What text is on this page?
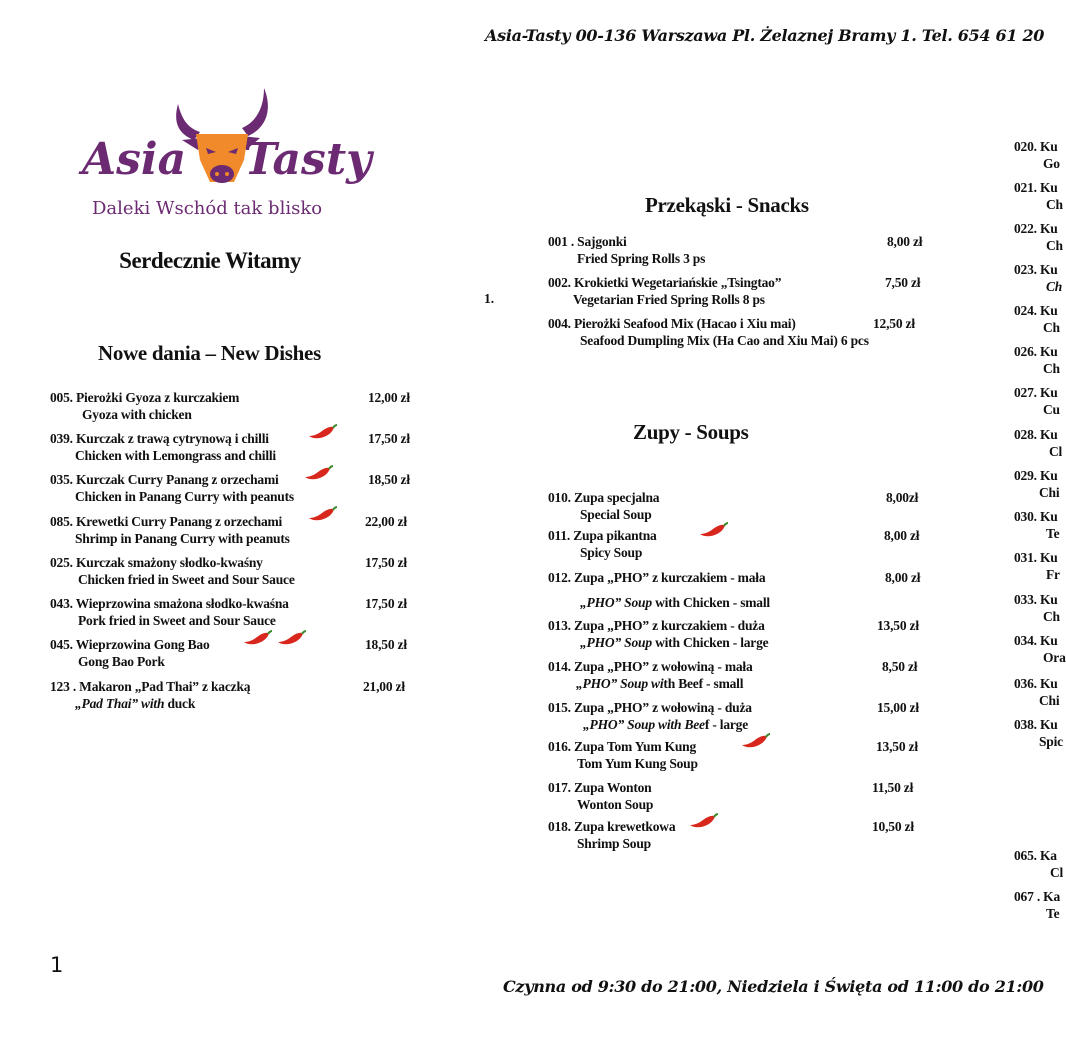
Asia-Tasty 00-136 Warszawa Pl. Żelaznej Bramy 1. Tel. 654 61 20
Czynna od 9:30 do 21:00, Niedziela i Święta od 11:00 do 21:00
1
Asia Tasty
Daleki Wschód tak blisko
Serdecznie Witamy
Nowe dania – New Dishes
005. Pierożki Gyoza z kurczakiem
Gyoza with chicken
12,00 zł
039. Kurczak z trawą cytrynową i chilli
Chicken with Lemongrass and chilli
17,50 zł
035. Kurczak Curry Panang z orzechami
Chicken in Panang Curry with peanuts
18,50 zł
085. Krewetki Curry Panang z orzechami
Shrimp in Panang Curry with peanuts
22,00 zł
025. Kurczak smażony słodko-kwaśny
Chicken fried in Sweet and Sour Sauce
17,50 zł
043. Wieprzowina smażona słodko-kwaśna
Pork fried in Sweet and Sour Sauce
17,50 zł
045. Wieprzowina Gong Bao
Gong Bao Pork
18,50 zł
123 . Makaron „Pad Thai” z kaczką
„Pad Thai” with duck
21,00 zł
Przekąski - Snacks
001 . Sajgonki
Fried Spring Rolls 3 ps
8,00 zł
1.
002. Krokietki Wegetariańskie „Tsingtao”
Vegetarian Fried Spring Rolls 8 ps
7,50 zł
004. Pierożki Seafood Mix (Hacao i Xiu mai)
Seafood Dumpling Mix (Ha Cao and Xiu Mai) 6 pcs
12,50 zł
Zupy - Soups
010. Zupa specjalna
Special Soup
8,00zł
011. Zupa pikantna
Spicy Soup
8,00 zł
012. Zupa „PHO” z kurczakiem - mała
„PHO” Soup with Chicken - small
8,00 zł
013. Zupa „PHO” z kurczakiem - duża
„PHO” Soup with Chicken - large
13,50 zł
014. Zupa „PHO” z wołowiną - mała
„PHO” Soup with Beef - small
8,50 zł
015. Zupa „PHO” z wołowiną - duża
„PHO” Soup with Beef - large
15,00 zł
016. Zupa Tom Yum Kung
Tom Yum Kung Soup
13,50 zł
017. Zupa Wonton
Wonton Soup
11,50 zł
018. Zupa krewetkowa
Shrimp Soup
10,50 zł
020. Ku
Go
021. Ku
Ch
022. Ku
Ch
023. Ku
Ch
024. Ku
Ch
026. Ku
Ch
027. Ku
Cu
028. Ku
Cl
029. Ku
Chi
030. Ku
Te
031. Ku
Fr
033. Ku
Ch
034. Ku
Ora
036. Ku
Chi
038. Ku
Spic
065. Ka
Cl
067 . Ka
Te
